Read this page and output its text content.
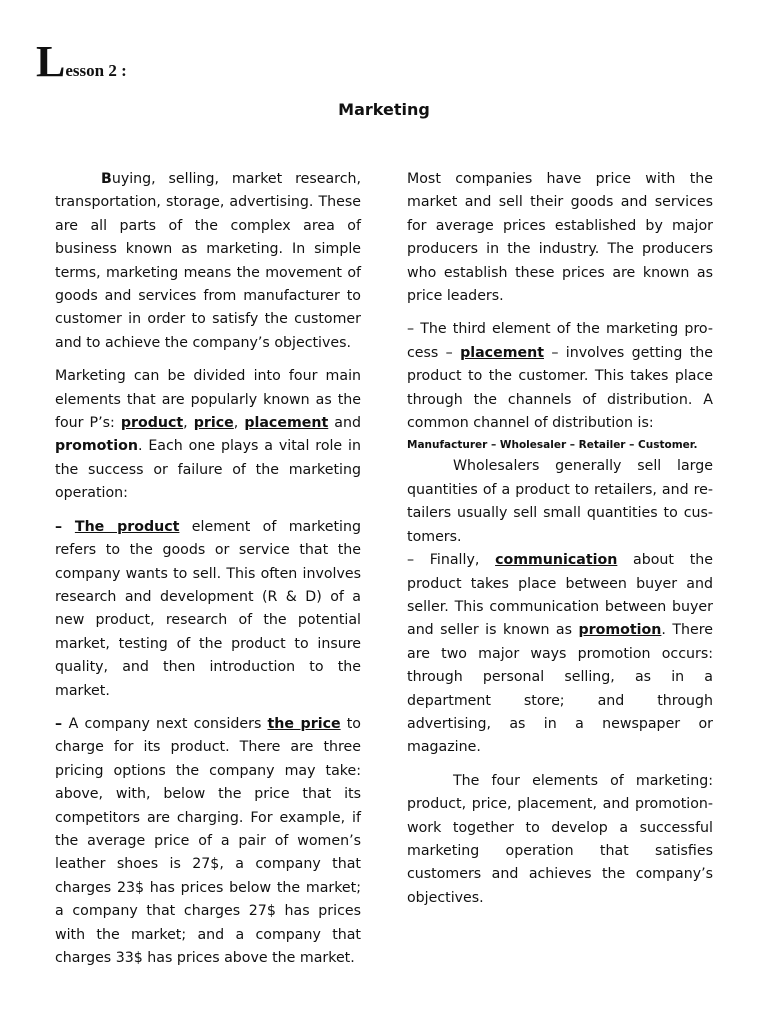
Lesson 2 :
Marketing

Buying, selling, market research, transportation, storage, advertising. These are all parts of the complex area of business known as marketing. In simple terms, marketing means the movement of goods and services from manufacturer to customer in order to satisfy the customer and to achieve the company’s objectives.

Marketing can be divided into four main elements that are popularly known as the four P’s: product, price, placement and promotion. Each one plays a vital role in the success or failure of the marketing operation:

– The product element of marketing refers to the goods or service that the company wants to sell. This often involves research and development (R & D) of a new product, research of the potential market, testing of the product to insure quality, and then introduction to the market.

– A company next considers the price to charge for its product. There are three pricing options the company may take: above, with, below the price that its competitors are charging. For example, if the average price of a pair of women’s leather shoes is 27$, a company that charges 23$ has prices below the market; a company that charges 27$ has prices with the market; and a company that charges 33$ has prices above the market.

Most companies have price with the market and sell their goods and services for average prices established by major producers in the industry. The producers who establish these prices are known as price leaders.

– The third element of the marketing pro-cess – placement – involves getting the product to the customer. This takes place through the channels of distribution. A common channel of distribution is:

Manufacturer – Wholesaler – Retailer – Customer.

Wholesalers generally sell large quantities of a product to retailers, and re-tailers usually sell small quantities to cus-tomers.

– Finally, communication about the product takes place between buyer and seller. This communication between buyer and seller is known as promotion. There are two major ways promotion occurs: through personal selling, as in a department store; and through advertising, as in a newspaper or magazine.

The four elements of marketing: product, price, placement, and promotion-work together to develop a successful marketing operation that satisfies customers and achieves the company’s objectives.
